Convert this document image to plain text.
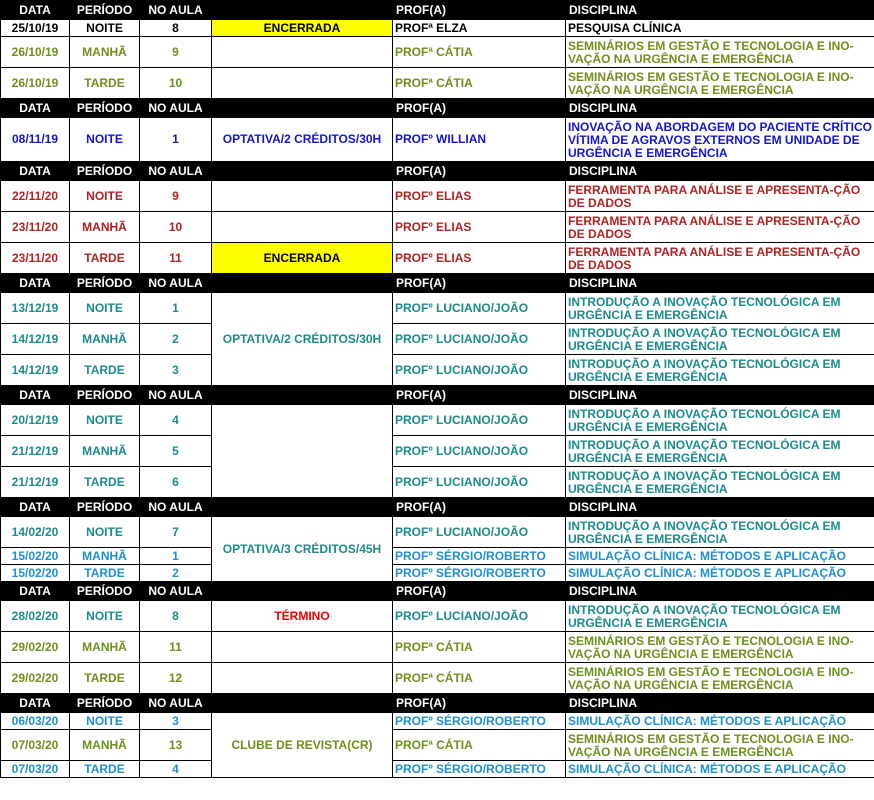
DATA	PERÍODO	NO AULA		PROF(A)	DISCIPLINA
25/10/19	NOITE	8	ENCERRADA	PROFª ELZA	PESQUISA CLÍNICA
26/10/19	MANHÃ	9		PROFª CÁTIA	SEMINÁRIOS EM GESTÃO E TECNOLOGIA E INO-VAÇÃO NA URGÊNCIA E EMERGÊNCIA
26/10/19	TARDE	10		PROFª CÁTIA	SEMINÁRIOS EM GESTÃO E TECNOLOGIA E INO-VAÇÃO NA URGÊNCIA E EMERGÊNCIA
DATA	PERÍODO	NO AULA		PROF(A)	DISCIPLINA
08/11/19	NOITE	1	OPTATIVA/2 CRÉDITOS/30H	PROFº WILLIAN	INOVAÇÃO NA ABORDAGEM DO PACIENTE CRÍTICO VÍTIMA DE AGRAVOS EXTERNOS EM UNIDADE DE URGÊNCIA E EMERGÊNCIA
DATA	PERÍODO	NO AULA		PROF(A)	DISCIPLINA
22/11/20	NOITE	9		PROFº ELIAS	FERRAMENTA PARA ANÁLISE E APRESENTA-ÇÃO DE DADOS
23/11/20	MANHÃ	10		PROFº ELIAS	FERRAMENTA PARA ANÁLISE E APRESENTA-ÇÃO DE DADOS
23/11/20	TARDE	11	ENCERRADA	PROFº ELIAS	FERRAMENTA PARA ANÁLISE E APRESENTA-ÇÃO DE DADOS
DATA	PERÍODO	NO AULA		PROF(A)	DISCIPLINA
13/12/19	NOITE	1	OPTATIVA/2 CRÉDITOS/30H	PROFº LUCIANO/JOÃO	INTRODUÇÃO A INOVAÇÃO TECNOLÓGICA EM URGÊNCIA E EMERGÊNCIA
14/12/19	MANHÃ	2		PROFº LUCIANO/JOÃO	INTRODUÇÃO A INOVAÇÃO TECNOLÓGICA EM URGÊNCIA E EMERGÊNCIA
14/12/19	TARDE	3		PROFº LUCIANO/JOÃO	INTRODUÇÃO A INOVAÇÃO TECNOLÓGICA EM URGÊNCIA E EMERGÊNCIA
DATA	PERÍODO	NO AULA		PROF(A)	DISCIPLINA
20/12/19	NOITE	4		PROFº LUCIANO/JOÃO	INTRODUÇÃO A INOVAÇÃO TECNOLÓGICA EM URGÊNCIA E EMERGÊNCIA
21/12/19	MANHÃ	5		PROFº LUCIANO/JOÃO	INTRODUÇÃO A INOVAÇÃO TECNOLÓGICA EM URGÊNCIA E EMERGÊNCIA
21/12/19	TARDE	6		PROFº LUCIANO/JOÃO	INTRODUÇÃO A INOVAÇÃO TECNOLÓGICA EM URGÊNCIA E EMERGÊNCIA
DATA	PERÍODO	NO AULA		PROF(A)	DISCIPLINA
14/02/20	NOITE	7	OPTATIVA/3 CRÉDITOS/45H	PROFº LUCIANO/JOÃO	INTRODUÇÃO A INOVAÇÃO TECNOLÓGICA EM URGÊNCIA E EMERGÊNCIA
15/02/20	MANHÃ	1		PROFº SÉRGIO/ROBERTO	SIMULAÇÃO CLÍNICA: MÉTODOS E APLICAÇÃO
15/02/20	TARDE	2		PROFº SÉRGIO/ROBERTO	SIMULAÇÃO CLÍNICA: MÉTODOS E APLICAÇÃO
DATA	PERÍODO	NO AULA		PROF(A)	DISCIPLINA
28/02/20	NOITE	8	TÉRMINO	PROFº LUCIANO/JOÃO	INTRODUÇÃO A INOVAÇÃO TECNOLÓGICA EM URGÊNCIA E EMERGÊNCIA
29/02/20	MANHÃ	11		PROFª CÁTIA	SEMINÁRIOS EM GESTÃO E TECNOLOGIA E INO-VAÇÃO NA URGÊNCIA E EMERGÊNCIA
29/02/20	TARDE	12		PROFª CÁTIA	SEMINÁRIOS EM GESTÃO E TECNOLOGIA E INO-VAÇÃO NA URGÊNCIA E EMERGÊNCIA
DATA	PERÍODO	NO AULA		PROF(A)	DISCIPLINA
06/03/20	NOITE	3	CLUBE DE REVISTA(CR)	PROFº SÉRGIO/ROBERTO	SIMULAÇÃO CLÍNICA: MÉTODOS E APLICAÇÃO
07/03/20	MANHÃ	13		PROFª CÁTIA	SEMINÁRIOS EM GESTÃO E TECNOLOGIA E INO-VAÇÃO NA URGÊNCIA E EMERGÊNCIA
07/03/20	TARDE	4		PROFº SÉRGIO/ROBERTO	SIMULAÇÃO CLÍNICA: MÉTODOS E APLICAÇÃO
